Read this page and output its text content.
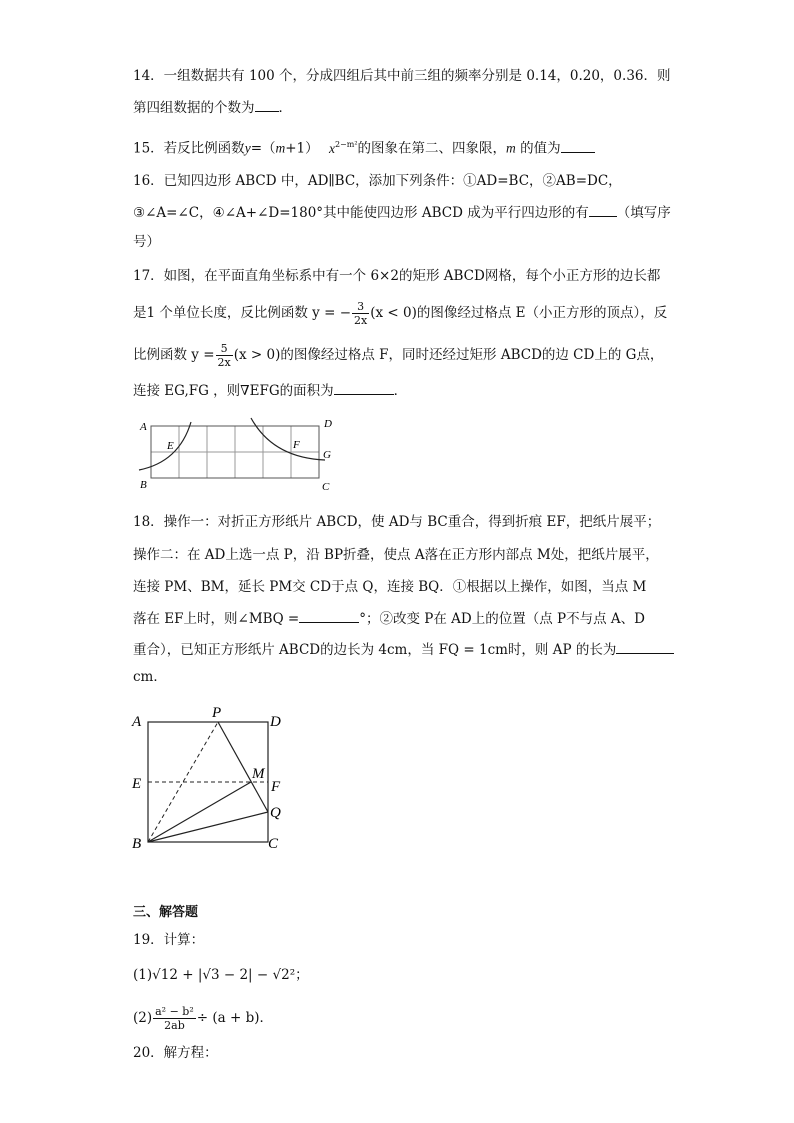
14．一组数据共有 100 个，分成四组后其中前三组的频率分别是 0.14，0.20，0.36．则
第四组数据的个数为 ．
15．若反比例函数y=（m+1） $x^{2-m^2}$的图象在第二、四象限，m 的值为
16．已知四边形 ABCD 中，AD∥BC，添加下列条件：①AD=BC，②AB=DC，
③∠A=∠C，④∠A+∠D=180°其中能使四边形 ABCD 成为平行四边形的有 （填写序
号）
17．如图，在平面直角坐标系中有一个 6×2的矩形 ABCD网格，每个小正方形的边长都
是1 个单位长度，反比例函数 y = − $\frac{3}{2x} (x < 0)$的图像经过格点 E（小正方形的顶点），反
比例函数 $y = \frac{5}{2x} (x > 0)$的图像经过格点 F，同时还经过矩形 ABCD的边 CD上的 G点，
连接 EG,FG ，则∇EFG的面积为	．
A
B	C
D
E	F
G
18．操作一：对折正方形纸片 ABCD，使 AD与 BC重合，得到折痕 EF，把纸片展平；
操作二：在 AD上选一点 P，沿 BP折叠，使点 A落在正方形内部点 M处，把纸片展平，
连接 PM、BM，延长 PM交 CD于点 Q，连接 BQ．①根据以上操作，如图，当点 M
落在 EF上时，则∠MBQ =	°；②改变 P在 AD上的位置（点 P不与点 A、D
重合），已知正方形纸片 ABCD的边长为 4cm，当 FQ = 1cm时，则 AP 的长为
cm．
A
B	C
D
E	F
P
M
Q
三、解答题
19．计算：
(1)√12 + |√3 − 2| − √2²；
$(2) \frac{\text{a² − b²}}{2ab} \div (a + b)$．
20．解方程：
